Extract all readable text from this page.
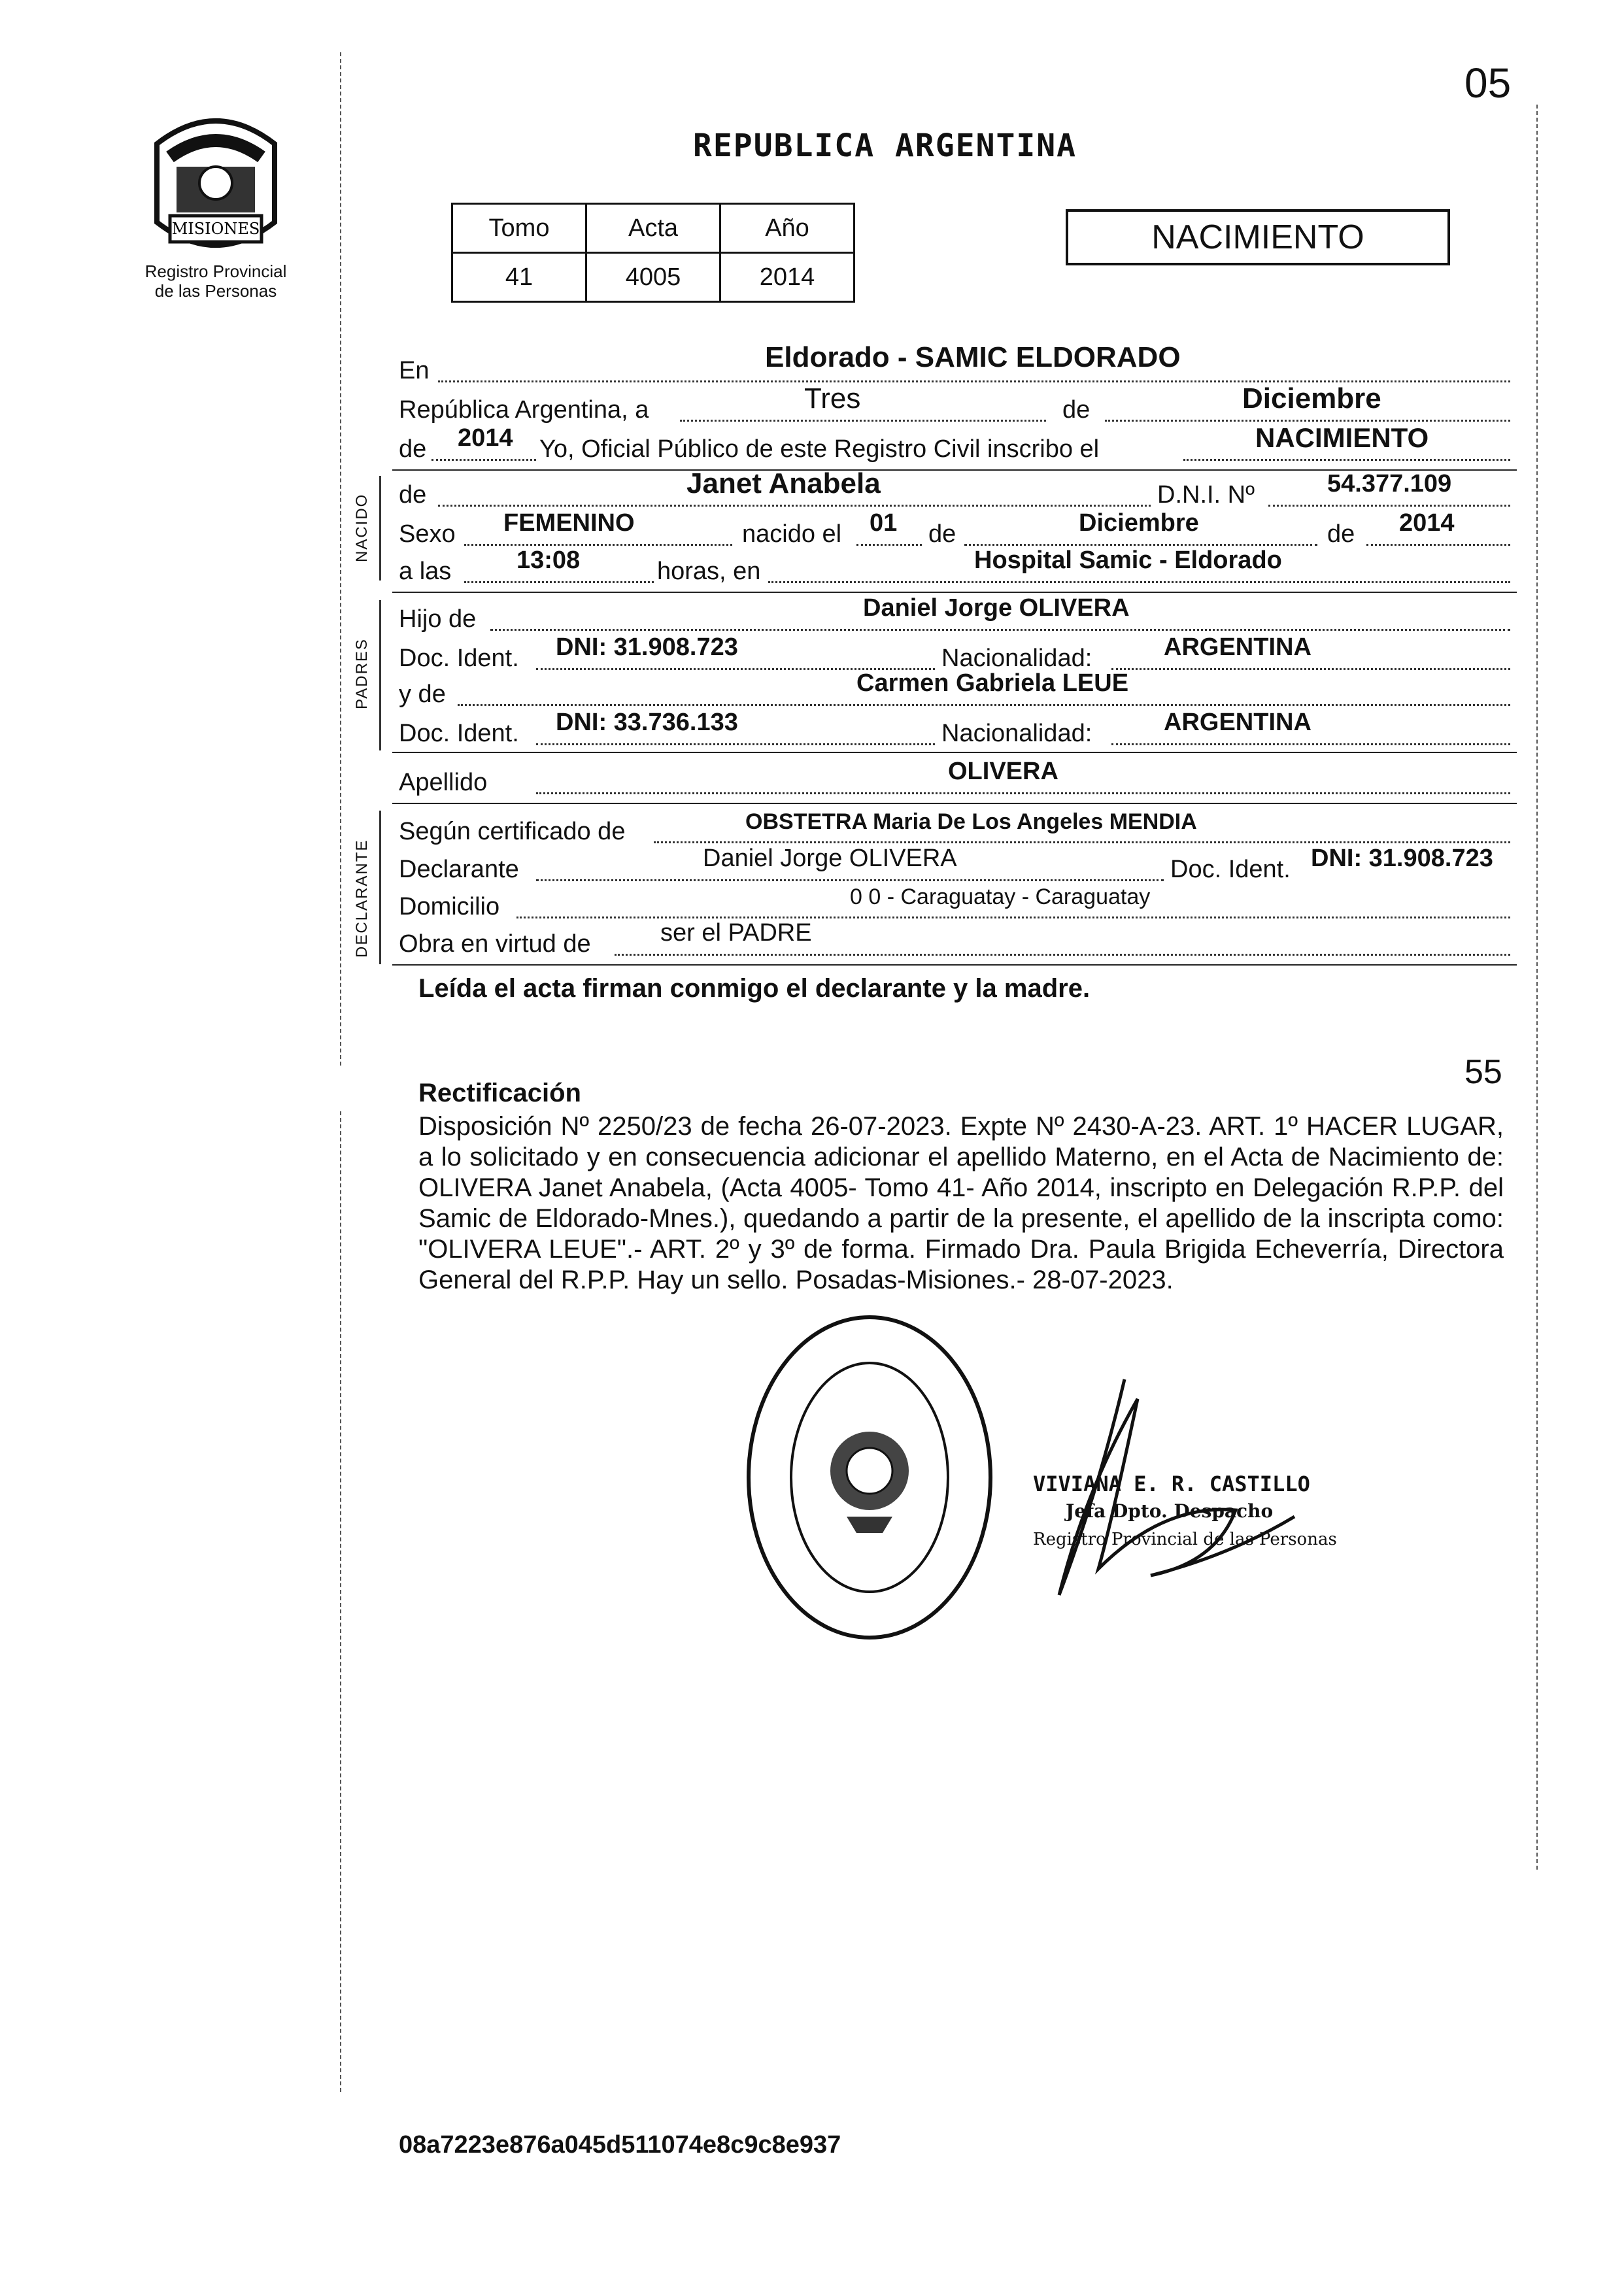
05
MISIONES
Registro Provincial
de las Personas
REPUBLICA ARGENTINA
Tomo	Acta	Año
41	4005	2014
NACIMIENTO
En	Eldorado - SAMIC ELDORADO
República Argentina, a	Tres	de	Diciembre
de 2014 Yo, Oficial Público de este Registro Civil inscribo el	NACIMIENTO
NACIDO de	Janet Anabela	D.N.I. Nº	54.377.109
Sexo FEMENINO	nacido el 01 de	Diciembre	de 2014
a las	13:08	horas, en	Hospital Samic - Eldorado
PADRES
Hijo de	Daniel Jorge OLIVERA
Doc. Ident. DNI: 31.908.723	Nacionalidad:	ARGENTINA
y de	Carmen Gabriela LEUE
Doc. Ident. DNI: 33.736.133	Nacionalidad:	ARGENTINA
Apellido	OLIVERA
DECLARANTE
Según certificado de	OBSTETRA Maria De Los Angeles MENDIA
Declarante	Daniel Jorge OLIVERA	Doc. Ident. DNI: 31.908.723
Domicilio	0 0 - Caraguatay - Caraguatay
Obra en virtud de	ser el PADRE
Leída el acta firman conmigo el declarante y la madre.
55
Rectificación
Disposición Nº 2250/23 de fecha 26-07-2023. Expte Nº 2430-A-23. ART. 1º HACER LUGAR, a lo solicitado y en consecuencia adicionar el apellido Materno, en el Acta de Nacimiento de: OLIVERA Janet Anabela, (Acta 4005- Tomo 41- Año 2014, inscripto en Delegación R.P.P. del Samic de Eldorado-Mnes.), quedando a partir de la presente, el apellido de la inscripta como: "OLIVERA LEUE".- ART. 2º y 3º de forma. Firmado Dra. Paula Brigida Echeverría, Directora General del R.P.P. Hay un sello. Posadas-Misiones.- 28-07-2023.
VIVIANA E. R. CASTILLO
Jefa Dpto. Despacho
Registro Provincial de las Personas
08a7223e876a045d511074e8c9c8e937
